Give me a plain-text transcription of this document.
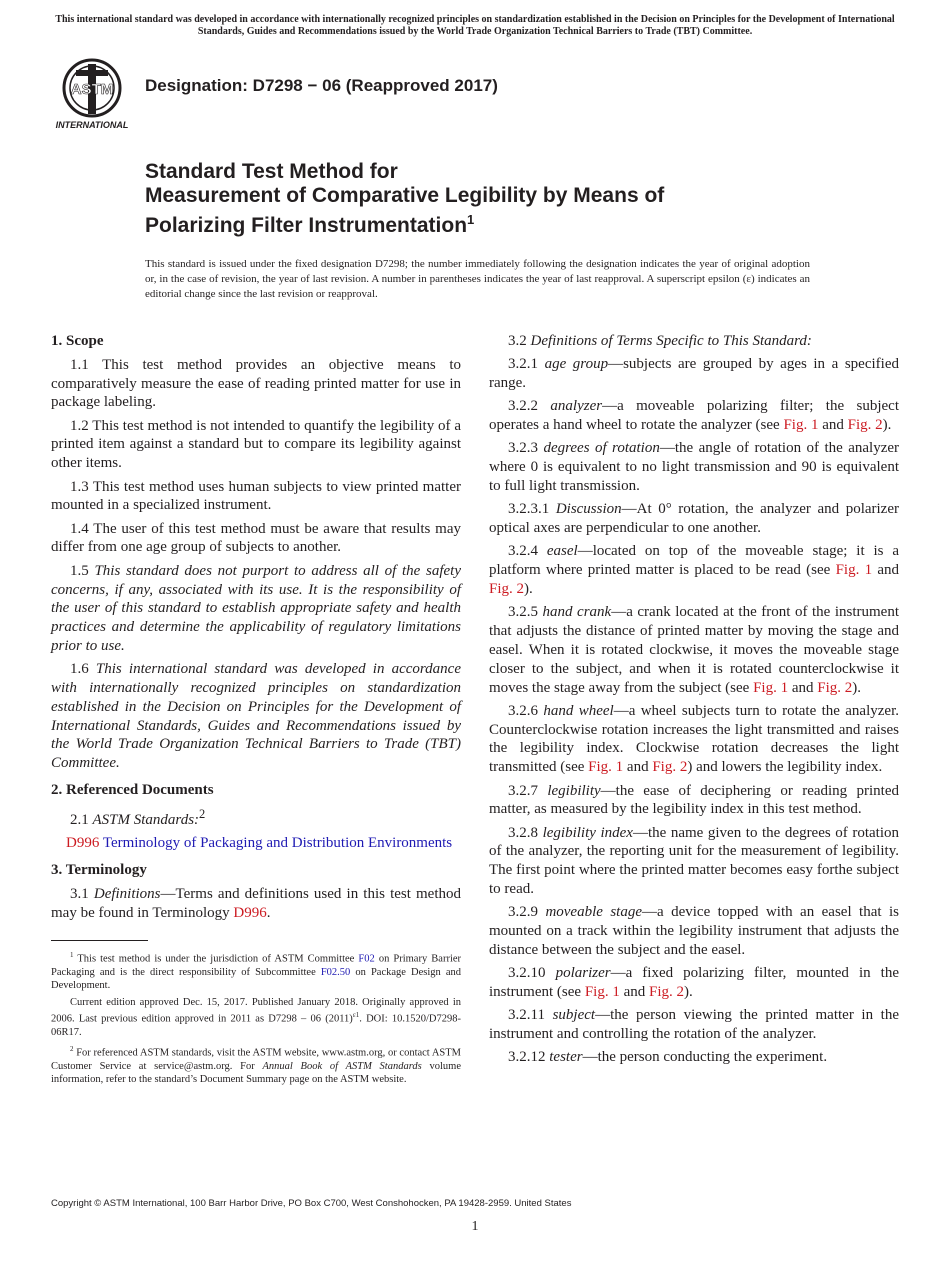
This international standard was developed in accordance with internationally recognized principles on standardization established in the Decision on Principles for the Development of International Standards, Guides and Recommendations issued by the World Trade Organization Technical Barriers to Trade (TBT) Committee.
ASTM
INTERNATIONAL
Designation: D7298 − 06 (Reapproved 2017)
Standard Test Method for
Measurement of Comparative Legibility by Means of
Polarizing Filter Instrumentation$^1$
This standard is issued under the fixed designation D7298; the number immediately following the designation indicates the year of original adoption or, in the case of revision, the year of last revision. A number in parentheses indicates the year of last reapproval. A superscript epsilon (ε) indicates an editorial change since the last revision or reapproval.
1. Scope

1.1 This test method provides an objective means to comparatively measure the ease of reading printed matter for use in package labeling.

1.2 This test method is not intended to quantify the legibility of a printed item against a standard but to compare its legibility against other items.

1.3 This test method uses human subjects to view printed matter mounted in a specialized instrument.

1.4 The user of this test method must be aware that results may differ from one age group of subjects to another.

1.5 This standard does not purport to address all of the safety concerns, if any, associated with its use. It is the responsibility of the user of this standard to establish appropriate safety and health practices and determine the applicability of regulatory limitations prior to use.

1.6 This international standard was developed in accordance with internationally recognized principles on standardization established in the Decision on Principles for the Development of International Standards, Guides and Recommendations issued by the World Trade Organization Technical Barriers to Trade (TBT) Committee.

2. Referenced Documents

2.1 ASTM Standards:$^2$

D996 Terminology of Packaging and Distribution Environments

3. Terminology

3.1 Definitions—Terms and definitions used in this test method may be found in Terminology D996.

$^1$ This test method is under the jurisdiction of ASTM Committee F02 on Primary Barrier Packaging and is the direct responsibility of Subcommittee F02.50 on Package Design and Development.

Current edition approved Dec. 15, 2017. Published January 2018. Originally approved in 2006. Last previous edition approved in 2011 as D7298 – 06 $(2011)^{\varepsilon 1}$. DOI: 10.1520/D7298-06R17.

$^2$ For referenced ASTM standards, visit the ASTM website, www.astm.org, or contact ASTM Customer Service at service@astm.org. For Annual Book of ASTM Standards volume information, refer to the standard’s Document Summary page on the ASTM website.

3.2 Definitions of Terms Specific to This Standard:

3.2.1 age group—subjects are grouped by ages in a specified range.

3.2.2 analyzer—a moveable polarizing filter; the subject operates a hand wheel to rotate the analyzer (see Fig. 1 and Fig. 2).

3.2.3 degrees of rotation—the angle of rotation of the analyzer where 0 is equivalent to no light transmission and 90 is equivalent to full light transmission.

3.2.3.1 Discussion—At 0° rotation, the analyzer and polarizer optical axes are perpendicular to one another.

3.2.4 easel—located on top of the moveable stage; it is a platform where printed matter is placed to be read (see Fig. 1 and Fig. 2).

3.2.5 hand crank—a crank located at the front of the instrument that adjusts the distance of printed matter by moving the stage and easel. When it is rotated clockwise, it moves the moveable stage closer to the subject, and when it is rotated counterclockwise it moves the stage away from the subject (see Fig. 1 and Fig. 2).

3.2.6 hand wheel—a wheel subjects turn to rotate the analyzer. Counterclockwise rotation increases the light transmitted and raises the legibility index. Clockwise rotation decreases the light transmitted (see Fig. 1 and Fig. 2) and lowers the legibility index.

3.2.7 legibility—the ease of deciphering or reading printed matter, as measured by the legibility index in this test method.

3.2.8 legibility index—the name given to the degrees of rotation of the analyzer, the reporting unit for the measurement of legibility. The first point where the printed matter becomes easy forthe subject to read.

3.2.9 moveable stage—a device topped with an easel that is mounted on a track within the legibility instrument that adjusts the distance between the subject and the easel.

3.2.10 polarizer—a fixed polarizing filter, mounted in the instrument (see Fig. 1 and Fig. 2).

3.2.11 subject—the person viewing the printed matter in the instrument and controlling the rotation of the analyzer.

3.2.12 tester—the person conducting the experiment.

Copyright © ASTM International, 100 Barr Harbor Drive, PO Box C700, West Conshohocken, PA 19428-2959. United States
1
